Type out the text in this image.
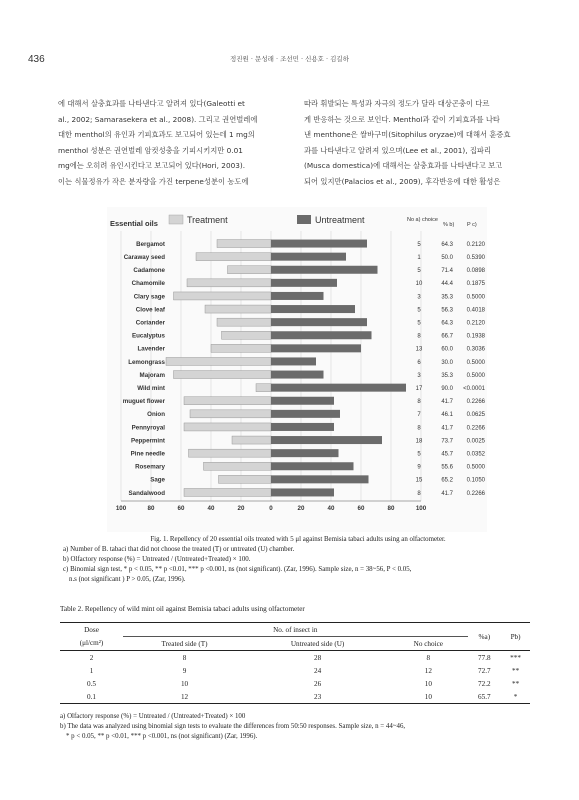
436	정진원 · 문성래 · 조선민 · 신용호 · 김길하
에 대해서 살충효과를 나타낸다고 알려져 있다(Galeotti et
al., 2002; Samarasekera et al., 2008). 그리고 권연벌레에
대한 menthol의 유인과 기피효과도 보고되어 있는데 1 mg의
menthol 성분은 권연벌레 암컷성충을 기피시키지만 0.01
mg에는 오히려 유인시킨다고 보고되어 있다(Hori, 2003).
이는 식물정유가 작은 분자량을 가진 terpene성분이 농도에
따라 휘발되는 특성과 자극의 정도가 달라 대상곤충이 다르
게 반응하는 것으로 보인다. Menthol과 같이 기피효과를 나타
낸 menthone은 쌀바구미(Sitophilus oryzae)에 대해서 훈증효
과를 나타낸다고 알려져 있으며(Lee et al., 2001), 집파리
(Musca domestica)에 대해서는 살충효과를 나타낸다고 보고
되어 있지만(Palacios et al., 2009), 후각반응에 대한 활성은
Treatment	Untreatment
Essential oils	No a) choice
% b) P c)
Bergamot	5	64.3 0.2120
Caraway seed	1	50.0 0.5390
Cadamone	5	71.4 0.0898
Chamomile	10	44.4 0.1875
Clary sage	3	35.3 0.5000
Clove leaf	5	56.3 0.4018
Coriander	5	64.3 0.2120
Eucalyptus	8	66.7 0.1938
Lavender	13	60.0 0.3036
Lemongrass	6	30.0 0.5000
Majoram	3	35.3 0.5000
Wild mint	17	90.0 <0.0001
muguet flower	8	41.7 0.2266
Onion	7	46.1 0.0625
Pennyroyal	8	41.7 0.2266
Peppermint	18	73.7 0.0025
Pine needle	5	45.7 0.0352
Rosemary	9	55.6 0.5000
Sage	15	65.2 0.1050
Sandalwood	8	41.7 0.2266
100	80	60	40	20	0	20	40	60	80	100
Fig. 1. Repellency of 20 essential oils treated with 5 μl against Bemisia tabaci adults using an olfactometer.
a) Number of B. tabaci that did not choose the treated (T) or untreated (U) chamber.
b) Olfactory response (%) = Untreated / (Untreated+Treated) × 100.
c) Binomial sign test, * p < 0.05, ** p <0.01, *** p <0.001, ns (not significant). (Zar, 1996). Sample size, n = 38~56, P < 0.05,
n.s (not significant ) P > 0.05, (Zar, 1996).
Table 2. Repellency of wild mint oil against Bemisia tabaci adults using olfactometer
Dose	No. of insect in			%a)	Pb)
(μl/cm²)	Treated side (T)	Untreated side (U)	No choice		
2	8	28	8	77.8	***
1	9	24	12	72.7	**
0.5	10	26	10	72.2	**
0.1	12	23	10	65.7	*
a) Olfactory response (%) = Untreated / (Untreated+Treated) × 100
b) The data was analyzed using binomial sign tests to evaluate the differences from 50:50 responses. Sample size, n = 44~46,
* p < 0.05, ** p <0.01, *** p <0.001, ns (not significant) (Zar, 1996).
